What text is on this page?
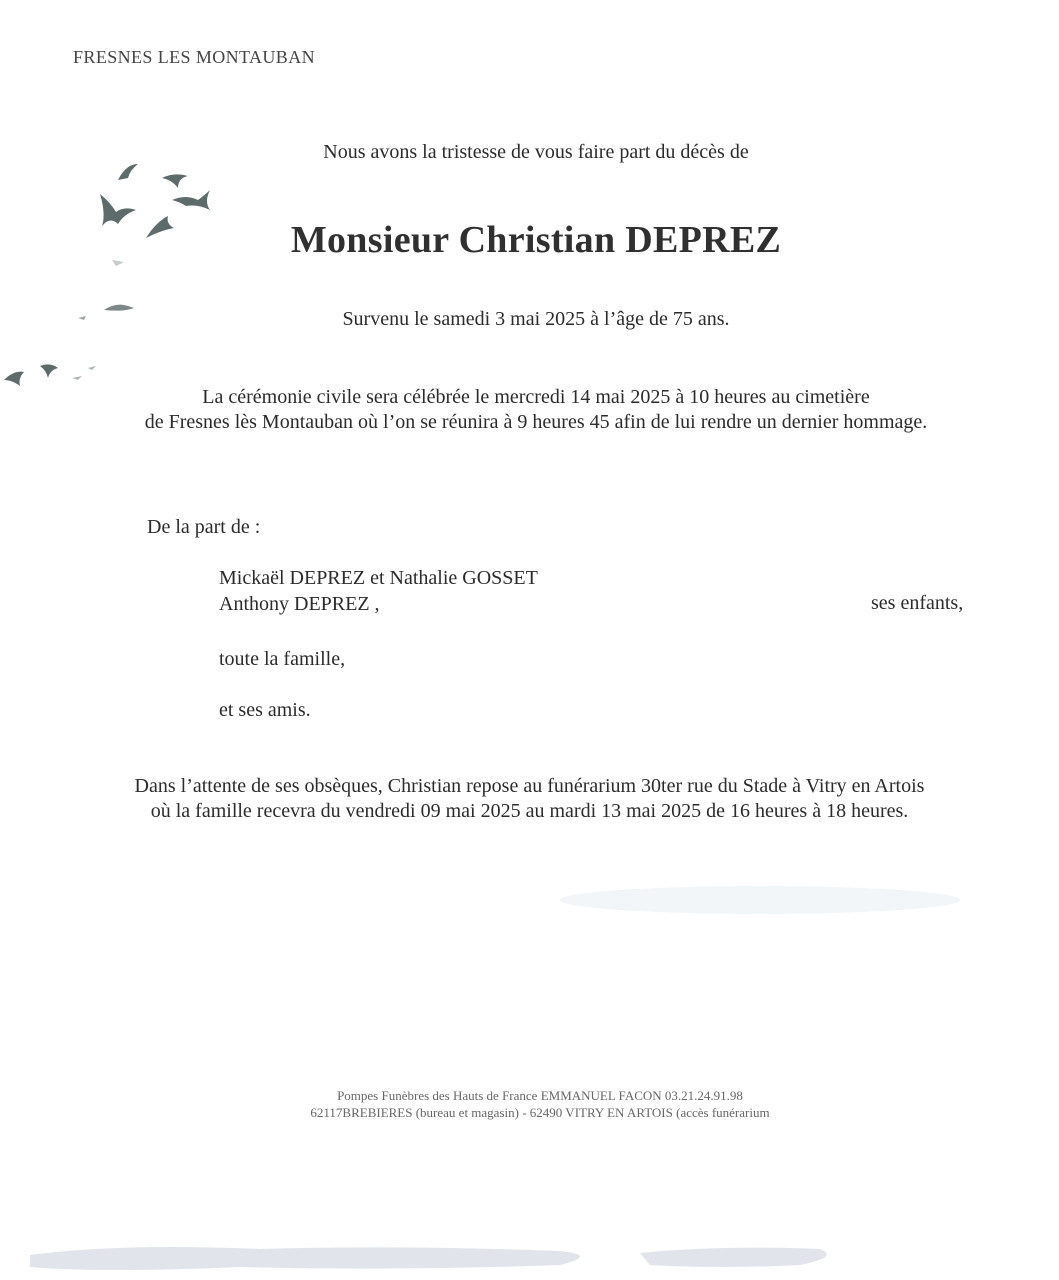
FRESNES LES MONTAUBAN
Nous avons la tristesse de vous faire part du décès de
Monsieur Christian DEPREZ
Survenu le samedi 3 mai 2025 à l’âge de 75 ans.
La cérémonie civile sera célébrée le mercredi 14 mai 2025 à 10 heures au cimetière
de Fresnes lès Montauban où l’on se réunira à 9 heures 45 afin de lui rendre un dernier hommage.
De la part de :
Mickaël DEPREZ et Nathalie GOSSET
Anthony DEPREZ ,	ses enfants,
toute la famille,
et ses amis.
Dans l’attente de ses obsèques, Christian repose au funérarium 30ter rue du Stade à Vitry en Artois
où la famille recevra du vendredi 09 mai 2025 au mardi 13 mai 2025 de 16 heures à 18 heures.
Pompes Funèbres des Hauts de France EMMANUEL FACON 03.21.24.91.98
62117BREBIERES (bureau et magasin) - 62490 VITRY EN ARTOIS (accès funérarium
